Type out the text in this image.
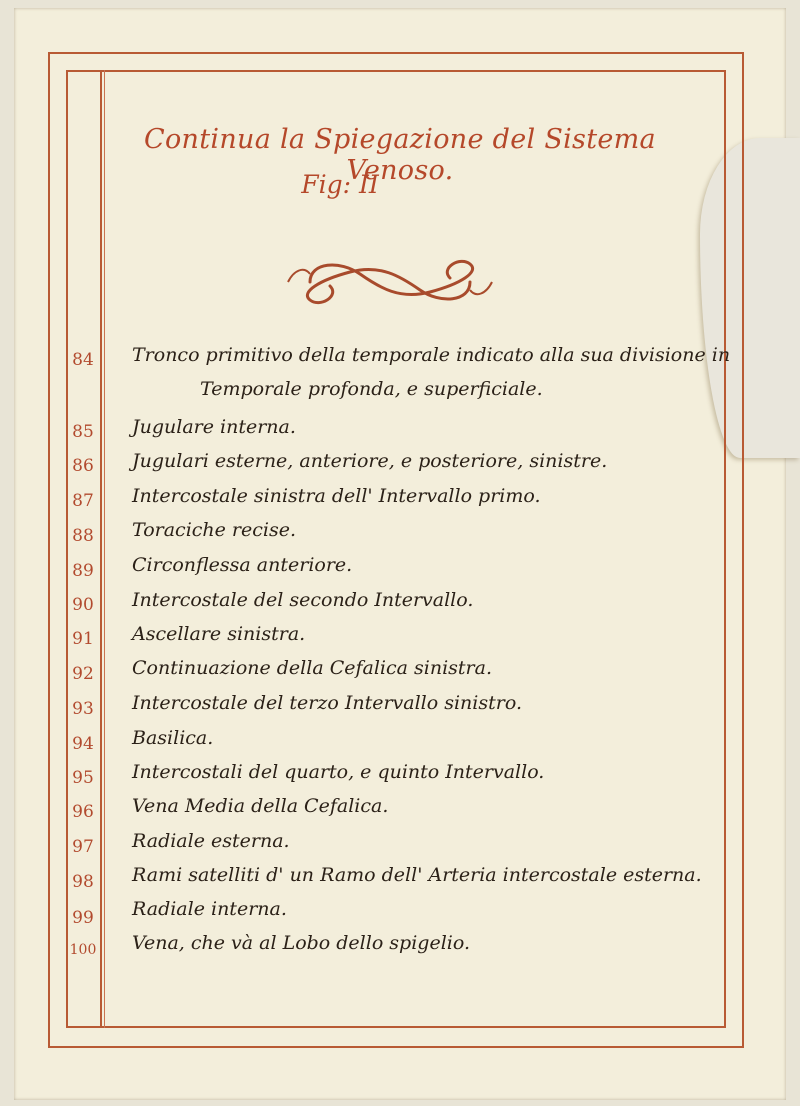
Continua la Spiegazione del Sistema Venoso.
Fig: II
84	Tronco primitivo della temporale indicato alla sua divisione in
Temporale profonda, e superficiale.
85	Jugulare interna.
86	Jugulari esterne, anteriore, e posteriore, sinistre.
87	Intercostale sinistra dell' Intervallo primo.
88	Toraciche recise.
89	Circonflessa anteriore.
90	Intercostale del secondo Intervallo.
91	Ascellare sinistra.
92	Continuazione della Cefalica sinistra.
93	Intercostale del terzo Intervallo sinistro.
94	Basilica.
95	Intercostali del quarto, e quinto Intervallo.
96	Vena Media della Cefalica.
97	Radiale esterna.
98	Rami satelliti d' un Ramo dell' Arteria intercostale esterna.
99	Radiale interna.
100 Vena, che và al Lobo dello spigelio.
